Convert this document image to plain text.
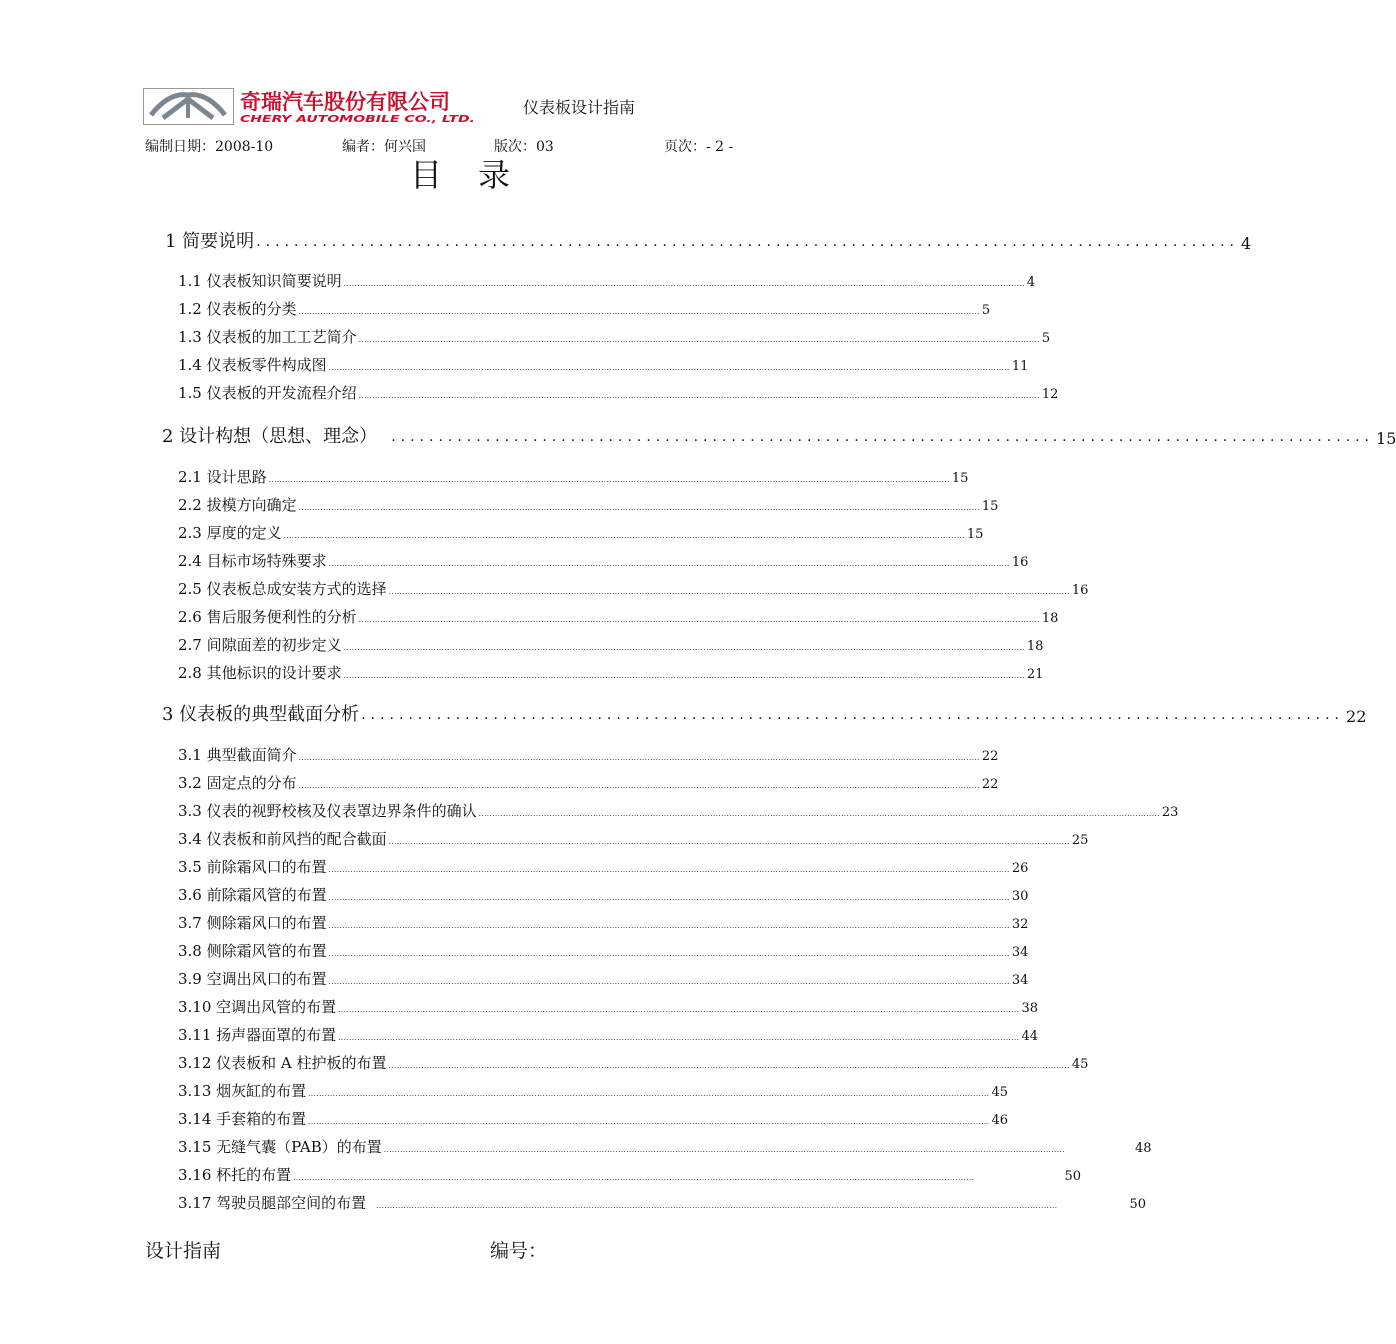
奇瑞汽车股份有限公司
CHERY AUTOMOBILE CO., LTD.
仪表板设计指南
编制日期：2008-10	编者：何兴国	版次：03	页次：- 2 -
目　录
1 简要说明 ........................................................................................................ 4
1.1 仪表板知识简要说明 .......................................................................................................................................................................................................................................................... 4
1.2 仪表板的分类 .......................................................................................................................................................................................................................................................... 5
1.3 仪表板的加工工艺简介 .......................................................................................................................................................................................................................................................... 5
1.4 仪表板零件构成图 .......................................................................................................................................................................................................................................................... 11
1.5 仪表板的开发流程介绍 .......................................................................................................................................................................................................................................................... 12
2 设计构想（思想、理念） ........................................................................................................ 15
2.1 设计思路 .......................................................................................................................................................................................................................................................... 15
2.2 拔模方向确定 .......................................................................................................................................................................................................................................................... 15
2.3 厚度的定义 .......................................................................................................................................................................................................................................................... 15
2.4 目标市场特殊要求 .......................................................................................................................................................................................................................................................... 16
2.5 仪表板总成安装方式的选择 .......................................................................................................................................................................................................................................................... 16
2.6 售后服务便利性的分析 .......................................................................................................................................................................................................................................................... 18
2.7 间隙面差的初步定义 .......................................................................................................................................................................................................................................................... 18
2.8 其他标识的设计要求 .......................................................................................................................................................................................................................................................... 21
3 仪表板的典型截面分析 ........................................................................................................ 22
3.1 典型截面简介 .......................................................................................................................................................................................................................................................... 22
3.2 固定点的分布 .......................................................................................................................................................................................................................................................... 22
3.3 仪表的视野校核及仪表罩边界条件的确认 .......................................................................................................................................................................................................................................................... 23
3.4 仪表板和前风挡的配合截面 .......................................................................................................................................................................................................................................................... 25
3.5 前除霜风口的布置 .......................................................................................................................................................................................................................................................... 26
3.6 前除霜风管的布置 .......................................................................................................................................................................................................................................................... 30
3.7 侧除霜风口的布置 .......................................................................................................................................................................................................................................................... 32
3.8 侧除霜风管的布置 .......................................................................................................................................................................................................................................................... 34
3.9 空调出风口的布置 .......................................................................................................................................................................................................................................................... 34
3.10 空调出风管的布置 .......................................................................................................................................................................................................................................................... 38
3.11 扬声器面罩的布置 .......................................................................................................................................................................................................................................................... 44
3.12 仪表板和 A 柱护板的布置 .......................................................................................................................................................................................................................................................... 45
3.13 烟灰缸的布置 .......................................................................................................................................................................................................................................................... 45
3.14 手套箱的布置 .......................................................................................................................................................................................................................................................... 46
3.15 无缝气囊（PAB）的布置 ..........................................................................................................................................................................................................................................................	48
3.16 杯托的布置 ..........................................................................................................................................................................................................................................................	50
3.17 驾驶员腿部空间的布置 ..........................................................................................................................................................................................................................................................	50
设计指南	编号：
